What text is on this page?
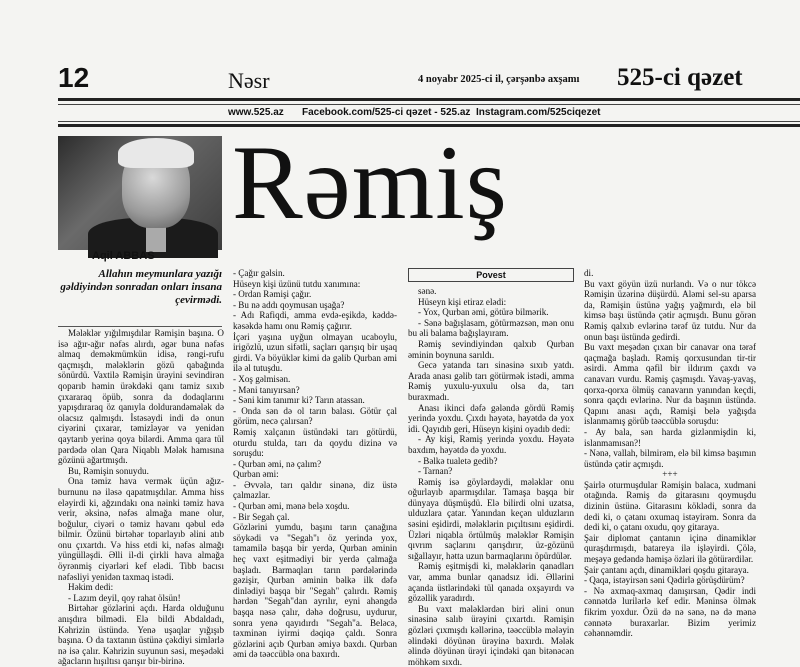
12	Nəsr	4 noyabr 2025-ci il, çərşənbə axşamı 525-ci qəzet
www.525.az Facebook.com/525-ci qəzet - 525.az Instagram.com/525ciqezet
Aqil ABBAS
Rəmiş
Allahın meymunlara yazığı gəldiyindən sonradan onları insana çevirmədi.
Povest

Mələklər yığılmışdılar Rəmişin başına. O isə ağır-ağır nəfəs alırdı, əgər buna nəfəs almaq deməkmümkün idisə, rəngi-rufu qaçmışdı, mələklərin gözü qabağında sönürdü. Vaxtilə Rəmişin ürəyini sevindirən qoparıb həmin ürəkdəki qanı tamiz sıxıb çıxararaq öpüb, sonra da dodaqlarını yapışdıraraq öz qanıyla doldurandəmələk də olacsız qalmışdı. İstəsəydi indi də onun ciyərini çıxarar, təmizləyər və yenidən qaytarıb yerinə qoya bilərdi. Amma qara tül pərdədə olan Qara Niqablı Mələk hamısına gözünü ağartmışdı.

Bu, Rəmişin sonuydu.

Ona təmiz hava vermək üçün ağız-burnunu nə iləsə qapatmışdılar. Amma hiss eləyirdi ki, ağzındakı ona nəinki təmiz hava verir, əksinə, nəfəs almağa mane olur, boğulur, ciyəri o təmiz havanı qəbul edə bilmir. Özünü birtəhər toparlayıb əlini atıb onu çıxartdı. Və hiss etdi ki, nəfəs almağı yüngülləşdi. Əlli il-di çirkli hava almağa öyrənmiş ciyərləri kef elədi. Tibb bacısı nəfəsliyi yenidən taxmaq istədi.

Həkim dedi:

- Lazım deyil, qoy rahat ölsün!

Birtəhər gözlərini açdı. Harda olduğunu anışdıra bilmədi. Elə bildi Abdaldadı, Kəhrizin üstündə. Yenə uşaqlar yığışıb başına. O da taxtanın üstünə çəkdiyi simlərlə nə isə çalır. Kəhrizin suyunun səsi, meşədəki ağacların hışıltısı qarışır bir-birinə.

- Çağır gəlsin.

Hüseyn kişi üzünü tutdu xanımına:

- Ordan Rəmişi çağır.

- Bu nə addı qoymusan uşağa?

- Adı Rafiqdi, amma evdə-eşikdə, kəddə-kəsəkdə hamı onu Rəmiş çağırır.

İçəri yaşına uyğun olmayan ucaboylu, irigözlü, uzun sifətli, saçları qarışıq bir uşaq girdi. Və böyüklər kimi də gəlib Qurban əmi ilə əl tutuşdu.

- Xoş gəlmisən.

- Məni tanıyırsan?

- Səni kim tanımır ki? Tarın atassan.

- Onda sən də ol tarın balası. Götür çal görüm, necə çalırsan?

Rəmiş xalçanın üstündəki tarı götürdü, oturdu stulda, tarı da qoydu dizinə və soruşdu:

- Qurban əmi, nə çalım?

Qurban əmi:

- Əvvələ, tarı qaldır sinənə, diz üstə çalmazlar.

- Qurban əmi, mənə belə xoşdu.

- Bir Segah çal.

Gözlərini yumdu, başını tarın çanağına söykədi və "Segah"ı öz yerində yox, tamamilə başqa bir yerdə, Qurban əminin heç vaxt eşitmədiyi bir yerdə çalmağa başladı. Barmaqları tarın pərdələrində gəzişir, Qurban əminin bəlkə ilk dəfə dinlədiyi başqa bir "Segah" çalırdı. Rəmiş hərdən "Segah"dan ayrılır, eyni ahəngdə başqa nəsə çalır, dəhə doğrusu, uydurur, sonra yenə qayıdırdı "Segah"a. Beləcə, təxminən iyirmi dəqiqə çaldı. Sonra gözlərini açıb Qurban əmiyə baxdı. Qurban əmi də təəccüblə ona baxırdı.

sənə.

Hüseyn kişi etiraz elədi:

- Yox, Qurban əmi, götürə bilmərik.

- Sənə bağışlasam, götürməzsən, mən onu bu əli balama bağışlayıram.

Rəmiş sevindiyindən qalxıb Qurban əminin boynuna sarıldı.

Gecə yatanda tarı sinəsinə sıxıb yatdı. Arada anası gəlib tarı götürmək istədi, amma Rəmiş yuxulu-yuxulu olsa da, tarı buraxmadı.

Anası ikinci dəfə gələndə gördü Rəmiş yerində yoxdu. Çıxdı həyətə, həyətdə də yox idi. Qayıdıb geri, Hüseyn kişini oyadıb dedi:

- Ay kişi, Rəmiş yerində yoxdu. Həyətə baxdım, həyətdə də yoxdu.

- Bəlkə tualetə gedib?

- Tarnan?

Rəmiş isə göylərdəydi, mələklər onu oğurlayıb aparmışdılar. Tamaşa başqa bir dünyaya düşmüşdü. Elə bilirdi olni uzatsa, ulduzlara çatar. Yanından keçən ulduzların səsini eşidirdi, mələklərin pıçıltısını eşidirdi. Üzləri niqabla örtülmüş mələklər Rəmişin qıvrım saçlarını qarışdırır, üz-gözünü sığallayır, hətta uzun barmaqlarını öpürdülər.

Rəmiş eşitmişdi ki, mələklərin qanadları var, amma bunlar qanadsız idi. Əllərini açanda üstlərindəki tül qanada oxşayırdı və gözəllik yaradırdı.

Bu vaxt mələklərdən biri əlini onun sinəsinə salıb ürəyini çıxartdı. Rəmişin gözləri çıxmışdı kəllərinə, təəccüblə mələyin əlindəki döyünən ürəyinə baxırdı. Mələk əlində döyünən ürəyi içindəki qan bitənəcən möhkəm sıxdı.

di.

Bu vaxt göyün üzü nurlandı. Və o nur tökcə Rəmişin üzərinə düşürdü. Aləmi sel-su aparsa da, Rəmişin üstünə yağış yağmırdı, elə bil kimsə başı üstündə çətir açmışdı. Bunu görən Rəmiş qalxıb evlərinə tərəf üz tutdu. Nur da onun başı üstündə gedirdi.

Bu vaxt meşədən çıxan bir canavar ona tərəf qaçmağa başladı. Rəmiş qorxusundan tir-tir əsirdi. Amma qəfil bir ildırım çaxdı və canavarı vurdu. Rəmiş çaşmışdı. Yavaş-yavaş, qorxa-qorxa ölmüş canavarın yanından keçdi, sonra qaçdı evlərinə. Nur da başının üstündə. Qapını anası açdı, Rəmişi belə yağışda islanmamış görüb təəccüblə soruşdu:

- Ay bala, sən harda gizlənmişdin ki, islanmamısan?!

- Nənə, vallah, bilmirəm, elə bil kimsə başımın üstündə çətir açmışdı.

+++

Şairlə oturmuşdular Rəmişin balaca, xudmani otağında. Rəmiş də gitarasını qoymuşdu dizinin üstünə. Gitarasını köklədi, sonra da dedi ki, o çətanı oxumaq istəyirəm. Sonra da dedi ki, o çatanı oxudu, qoy gitaraya.

Şair diplomat çantanın içinə dinamiklər quraşdırmışdı, batareya ilə işləyirdi. Çölə, meşəyə gedəndə həmişə özləri ilə götürərdilər.

Şair çantanı açdı, dinamikləri qoşdu gitaraya.

- Qaqa, istəyirsən səni Qədirlə görüşdürüm?

- Nə axmaq-axmaq danışırsan, Qədir indi cənnətdə lurilərlə kef edir. Məninsə ölmək fikrim yoxdur. Özü də nə sənə, nə də mənə cənnətə buraxarlar. Bizim yerimiz cəhənnəmdir.
